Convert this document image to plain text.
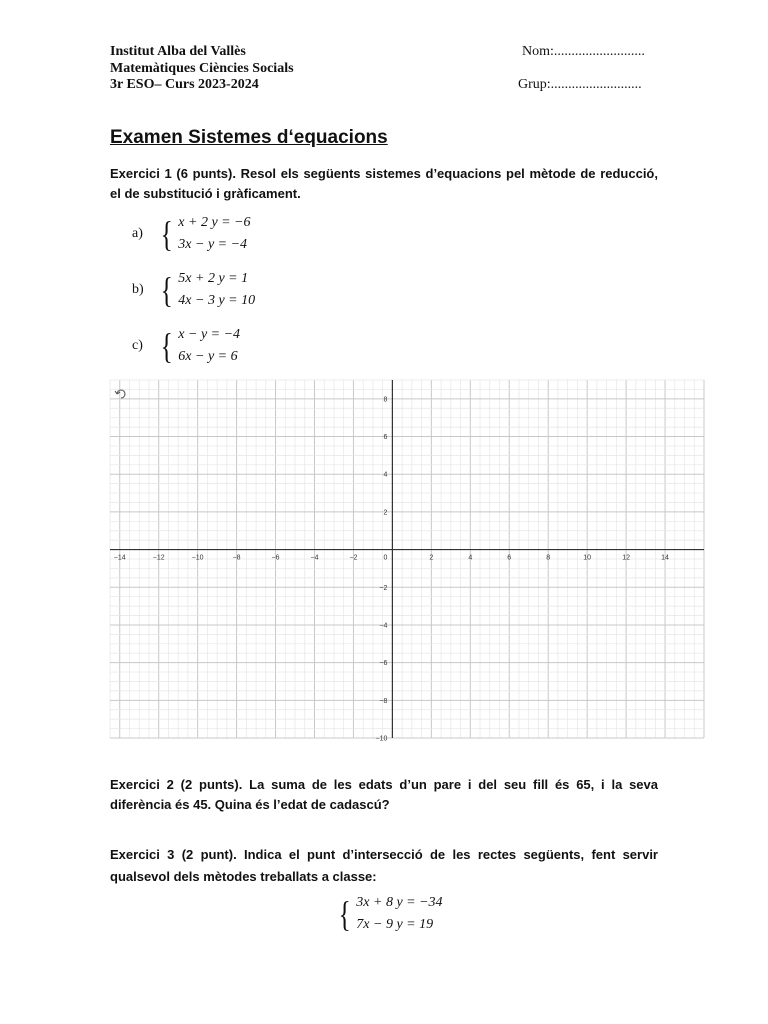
Institut Alba del Vallès
Matemàtiques Ciències Socials
3r ESO– Curs 2023-2024
Nom:..........................
Grup:..........................
Examen Sistemes d‘equacions
Exercici 1 (6 punts). Resol els següents sistemes d’equacions pel mètode de reducció, el de substitució i gràficament.
a) { x + 2 y = −6
3x − y = −4
b) { 5x + 2 y = 1
4x − 3 y = 10
c) { x − y = −4
6x − y = 6
−14	−12	−10	−8	−6	−4	−2	0	2	4	6	8	10	12	14
8
6
4
2
−2
−4
−6
−8
−10
Exercici 2 (2 punts). La suma de les edats d’un pare i del seu fill és 65, i la seva diferència és 45. Quina és l’edat de cadascú?
Exercici 3 (2 punt). Indica el punt d’intersecció de les rectes següents, fent servir qualsevol dels mètodes treballats a classe:
{ 3x + 8 y = −34
7x − 9 y = 19
